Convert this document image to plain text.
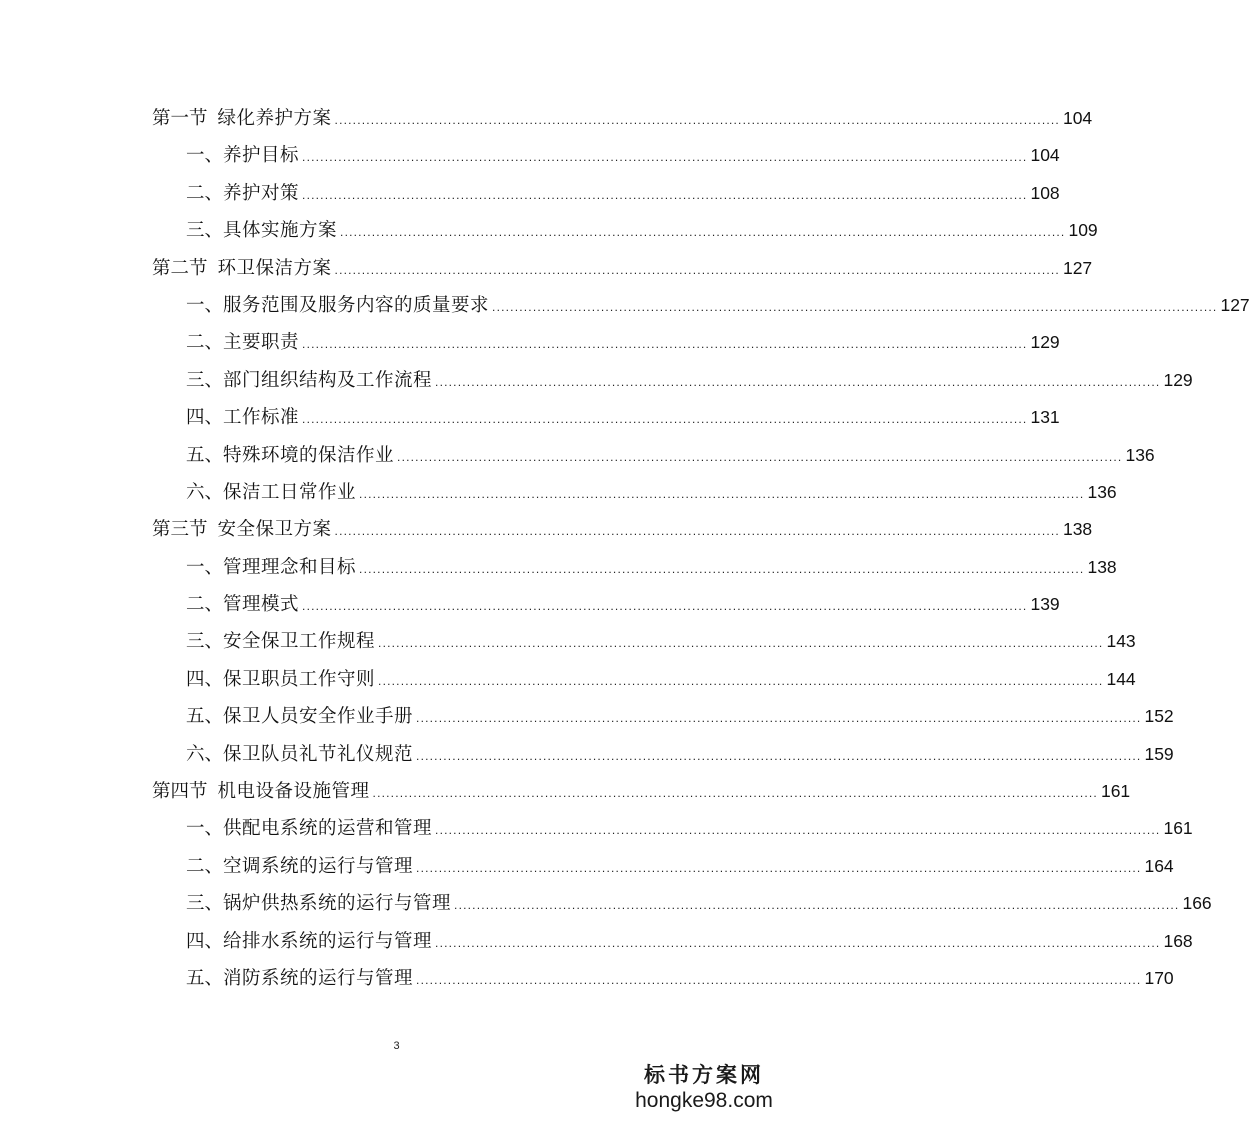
第一节 绿化养护方案 ................................................................................................................................................................ 104
一、 养护目标 ................................................................................................................................................................ 104
二、 养护对策 ................................................................................................................................................................ 108
三、 具体实施方案 ................................................................................................................................................................ 109
第二节 环卫保洁方案 ................................................................................................................................................................ 127
一、 服务范围及服务内容的质量要求 ................................................................................................................................................................ 127
二、 主要职责 ................................................................................................................................................................ 129
三、 部门组织结构及工作流程 ................................................................................................................................................................ 129
四、 工作标准 ................................................................................................................................................................ 131
五、 特殊环境的保洁作业 ................................................................................................................................................................ 136
六、 保洁工日常作业 ................................................................................................................................................................ 136
第三节 安全保卫方案 ................................................................................................................................................................ 138
一、 管理理念和目标 ................................................................................................................................................................ 138
二、 管理模式 ................................................................................................................................................................ 139
三、 安全保卫工作规程 ................................................................................................................................................................ 143
四、 保卫职员工作守则 ................................................................................................................................................................ 144
五、 保卫人员安全作业手册 ................................................................................................................................................................ 152
六、 保卫队员礼节礼仪规范 ................................................................................................................................................................ 159
第四节 机电设备设施管理 ................................................................................................................................................................ 161
一、 供配电系统的运营和管理 ................................................................................................................................................................ 161
二、 空调系统的运行与管理 ................................................................................................................................................................ 164
三、 锅炉供热系统的运行与管理 ................................................................................................................................................................ 166
四、 给排水系统的运行与管理 ................................................................................................................................................................ 168
五、 消防系统的运行与管理 ................................................................................................................................................................ 170
3
标书方案网
hongke98.com
